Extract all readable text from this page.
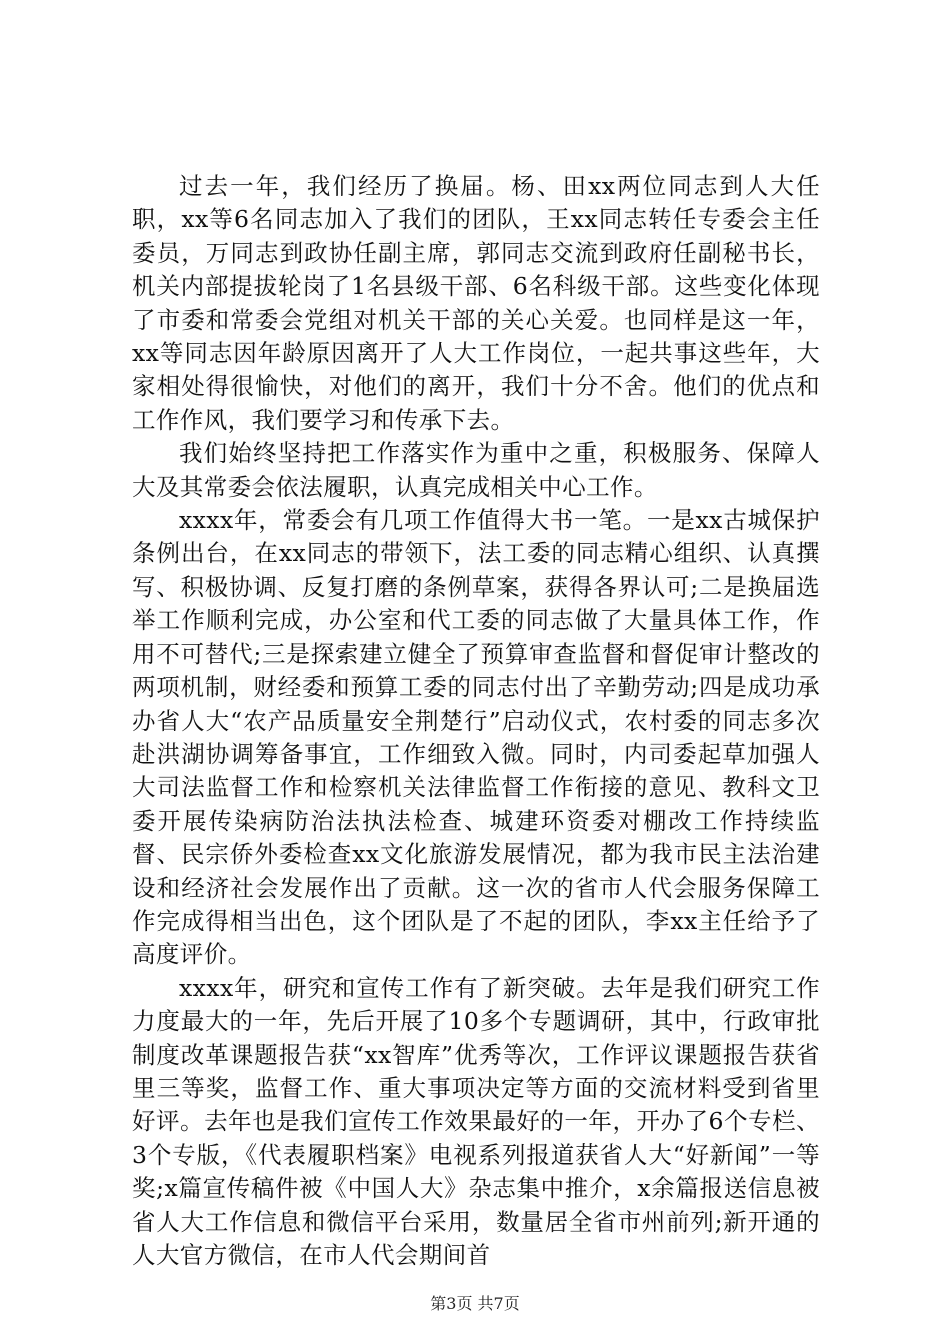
过去一年，我们经历了换届。杨、田xx两位同志到人大任职，xx等6名同志加入了我们的团队，王xx同志转任专委会主任委员，万同志到政协任副主席，郭同志交流到政府任副秘书长，机关内部提拔轮岗了1名县级干部、6名科级干部。这些变化体现了市委和常委会党组对机关干部的关心关爱。也同样是这一年，xx等同志因年龄原因离开了人大工作岗位，一起共事这些年，大家相处得很愉快，对他们的离开，我们十分不舍。他们的优点和工作作风，我们要学习和传承下去。

我们始终坚持把工作落实作为重中之重，积极服务、保障人大及其常委会依法履职，认真完成相关中心工作。

xxxx年，常委会有几项工作值得大书一笔。一是xx古城保护条例出台，在xx同志的带领下，法工委的同志精心组织、认真撰写、积极协调、反复打磨的条例草案，获得各界认可;二是换届选举工作顺利完成，办公室和代工委的同志做了大量具体工作，作用不可替代;三是探索建立健全了预算审查监督和督促审计整改的两项机制，财经委和预算工委的同志付出了辛勤劳动;四是成功承办省人大“农产品质量安全荆楚行”启动仪式，农村委的同志多次赴洪湖协调筹备事宜，工作细致入微。同时，内司委起草加强人大司法监督工作和检察机关法律监督工作衔接的意见、教科文卫委开展传染病防治法执法检查、城建环资委对棚改工作持续监督、民宗侨外委检查xx文化旅游发展情况，都为我市民主法治建设和经济社会发展作出了贡献。这一次的省市人代会服务保障工作完成得相当出色，这个团队是了不起的团队，李xx主任给予了高度评价。

xxxx年，研究和宣传工作有了新突破。去年是我们研究工作力度最大的一年，先后开展了10多个专题调研，其中，行政审批制度改革课题报告获“xx智库”优秀等次，工作评议课题报告获省里三等奖，监督工作、重大事项决定等方面的交流材料受到省里好评。去年也是我们宣传工作效果最好的一年，开办了6个专栏、3个专版，《代表履职档案》电视系列报道获省人大“好新闻”一等奖;x篇宣传稿件被《中国人大》杂志集中推介，x余篇报送信息被省人大工作信息和微信平台采用，数量居全省市州前列;新开通的人大官方微信，在市人代会期间首

第3页 共7页
